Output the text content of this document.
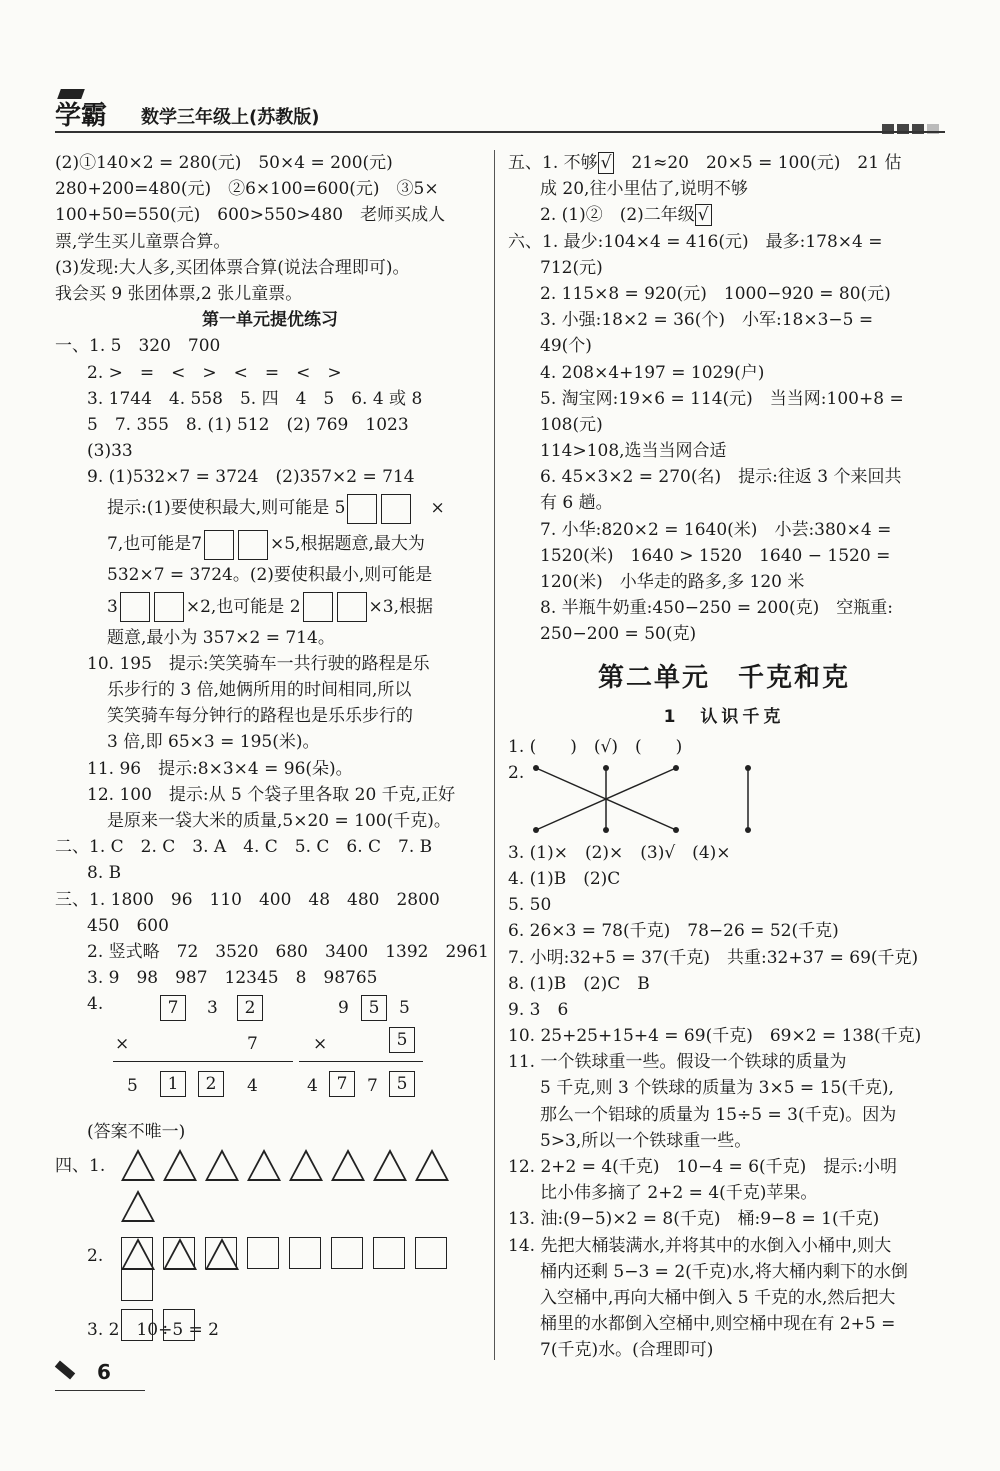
学霸 数学三年级上(苏教版)
(2)①140×2 = 280(元)　50×4 = 200(元)
280+200=480(元)　②6×100=600(元)　③5×
100+50=550(元)　600>550>480　老师买成人
票,学生买儿童票合算。
(3)发现:大人多,买团体票合算(说法合理即可)。
我会买 9 张团体票,2 张儿童票。
第一单元提优练习
一、1. 5　320　700
2. >　=　<　>　<　=　<　>
3. 1744　4. 558　5. 四　4　5　6. 4 或 8
5　7. 355　8. (1) 512　(2) 769　1023
(3)33
9. (1)532×7 = 3724　(2)357×2 = 714
提示:(1)要使积最大,则可能是 5　	×
7,也可能是7	×5,根据题意,最大为
532×7 = 3724。(2)要使积最小,则可能是
3	×2,也可能是 2	×3,根据
题意,最小为 357×2 = 714。
10. 195　提示:笑笑骑车一共行驶的路程是乐
乐步行的 3 倍,她俩所用的时间相同,所以
笑笑骑车每分钟行的路程也是乐乐步行的
3 倍,即 65×3 = 195(米)。
11. 96　提示:8×3×4 = 96(朵)。
12. 100　提示:从 5 个袋子里各取 20 千克,正好
是原来一袋大米的质量,5×20 = 100(千克)。
二、1. C　2. C　3. A　4. C　5. C　6. C　7. B
8. B
三、1. 1800　96　110　400　48　480　2800
450　600
2. 竖式略　72　3520　680　3400　1392　2961
3. 9　98　987　12345　8　98765
4.	7	3	2
×	7
5	1	2	4
9	5	5
×	5
4	7	7	5
(答案不唯一)
四、1.
2.
3. 2　10÷5 = 2
五、1. 不够 √　 21≈20　20×5 = 100(元)　21 估
成 20,往小里估了,说明不够
2. (1)②　(2)二年级 √
六、1. 最少:104×4 = 416(元)　最多:178×4 =
712(元)
2. 115×8 = 920(元)　1000−920 = 80(元)
3. 小强:18×2 = 36(个)　小军:18×3−5 =
49(个)
4. 208×4+197 = 1029(户)
5. 淘宝网:19×6 = 114(元)　当当网:100+8 =
108(元)
114>108,选当当网合适
6. 45×3×2 = 270(名)　提示:往返 3 个来回共
有 6 趟。
7. 小华:820×2 = 1640(米)　小芸:380×4 =
1520(米)　1640 > 1520　1640 − 1520 =
120(米)　小华走的路多,多 120 米
8. 半瓶牛奶重:450−250 = 200(克)　空瓶重:
250−200 = 50(克)
第二单元　千克和克
1　认识千克
1. (　　)　(√)　(　　)
2.
3. (1)×　(2)×　(3)√　(4)×
4. (1)B　(2)C
5. 50
6. 26×3 = 78(千克)　78−26 = 52(千克)
7. 小明:32+5 = 37(千克)　共重:32+37 = 69(千克)
8. (1)B　(2)C　B
9. 3　6
10. 25+25+15+4 = 69(千克)　69×2 = 138(千克)
11. 一个铁球重一些。假设一个铁球的质量为
5 千克,则 3 个铁球的质量为 3×5 = 15(千克),
那么一个铝球的质量为 15÷5 = 3(千克)。因为
5>3,所以一个铁球重一些。
12. 2+2 = 4(千克)　10−4 = 6(千克)　提示:小明
比小伟多摘了 2+2 = 4(千克)苹果。
13. 油:(9−5)×2 = 8(千克)　桶:9−8 = 1(千克)
14. 先把大桶装满水,并将其中的水倒入小桶中,则大
桶内还剩 5−3 = 2(千克)水,将大桶内剩下的水倒
入空桶中,再向大桶中倒入 5 千克的水,然后把大
桶里的水都倒入空桶中,则空桶中现在有 2+5 =
7(千克)水。(合理即可)
6
